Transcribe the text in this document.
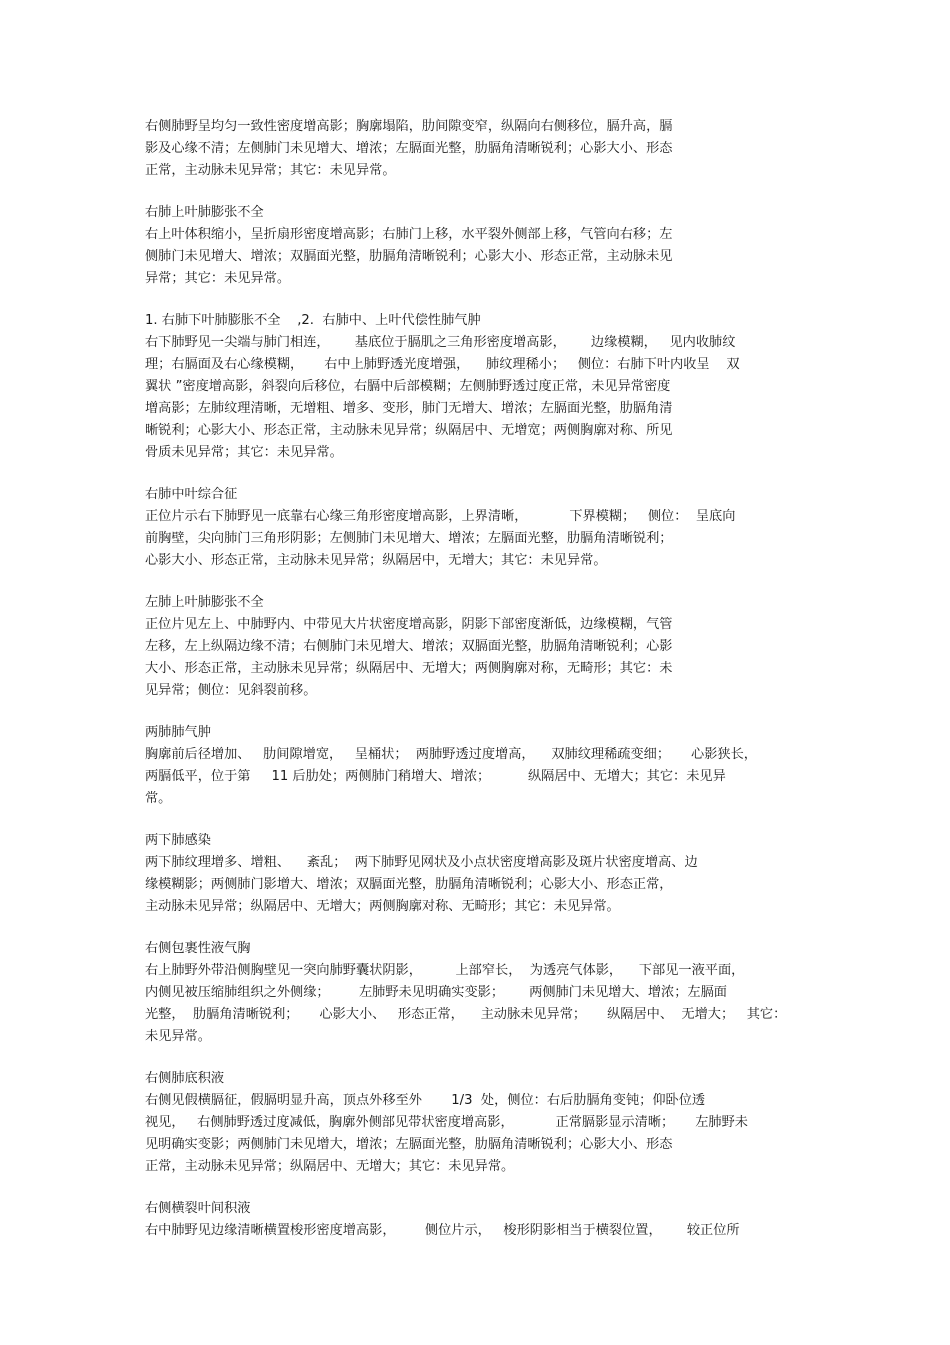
右侧肺野呈均匀一致性密度增高影；胸廓塌陷，肋间隙变窄，纵隔向右侧移位，膈升高，膈
影及心缘不清；左侧肺门未见增大、增浓；左膈面光整，肋膈角清晰锐利；心影大小、形态
正常，主动脉未见异常；其它：未见异常。
右肺上叶肺膨张不全
右上叶体积缩小，呈折扇形密度增高影；右肺门上移，水平裂外侧部上移，气管向右移；左
侧肺门未见增大、增浓；双膈面光整，肋膈角清晰锐利；心影大小、形态正常，主动脉未见
异常；其它：未见异常。
1. 右肺下叶肺膨胀不全    ,2.  右肺中、上叶代偿性肺气肿
右下肺野见一尖端与肺门相连，      基底位于膈肌之三角形密度增高影，      边缘模糊，   见内收肺纹
理；右膈面及右心缘模糊，     右中上肺野透光度增强，    肺纹理稀小；   侧位：右肺下叶内收呈    双
翼状 ”密度增高影，斜裂向后移位，右膈中后部模糊；左侧肺野透过度正常，未见异常密度
增高影；左肺纹理清晰，无增粗、增多、变形，肺门无增大、增浓；左膈面光整，肋膈角清
晰锐利；心影大小、形态正常，主动脉未见异常；纵隔居中、无增宽；两侧胸廓对称、所见
骨质未见异常；其它：未见异常。
右肺中叶综合征
正位片示右下肺野见一底靠右心缘三角形密度增高影，上界清晰，          下界模糊；   侧位：  呈底向
前胸壁，尖向肺门三角形阴影；左侧肺门未见增大、增浓；左膈面光整，肋膈角清晰锐利；
心影大小、形态正常，主动脉未见异常；纵隔居中，无增大；其它：未见异常。
左肺上叶肺膨张不全
正位片见左上、中肺野内、中带见大片状密度增高影，阴影下部密度渐低，边缘模糊，气管
左移，左上纵隔边缘不清；右侧肺门未见增大、增浓；双膈面光整，肋膈角清晰锐利；心影
大小、形态正常，主动脉未见异常；纵隔居中、无增大；两侧胸廓对称，无畸形；其它：未
见异常；侧位：见斜裂前移。
两肺肺气肿
胸廓前后径增加、   肋间隙增宽，   呈桶状；  两肺野透过度增高，    双肺纹理稀疏变细；     心影狭长，
两膈低平，位于第     11 后肋处；两侧肺门稍增大、增浓；         纵隔居中、无增大；其它：未见异
常。
两下肺感染
两下肺纹理增多、增粗、    紊乱；  两下肺野见网状及小点状密度增高影及斑片状密度增高、边
缘模糊影；两侧肺门影增大、增浓；双膈面光整，肋膈角清晰锐利；心影大小、形态正常，
主动脉未见异常；纵隔居中、无增大；两侧胸廓对称、无畸形；其它：未见异常。
右侧包裹性液气胸
右上肺野外带沿侧胸壁见一突向肺野囊状阴影，        上部窄长，  为透亮气体影，    下部见一液平面，
内侧见被压缩肺组织之外侧缘；       左肺野未见明确实变影；      两侧肺门未见增大、增浓；左膈面
光整，  肋膈角清晰锐利；     心影大小、   形态正常，    主动脉未见异常；     纵隔居中、  无增大；   其它：
未见异常。
右侧肺底积液
右侧见假横膈征，假膈明显升高，顶点外移至外       1/3  处，侧位：右后肋膈角变钝；仰卧位透
视见，   右侧肺野透过度减低，胸廓外侧部见带状密度增高影，          正常膈影显示清晰；     左肺野未
见明确实变影；两侧肺门未见增大，增浓；左膈面光整，肋膈角清晰锐利；心影大小、形态
正常，主动脉未见异常；纵隔居中、无增大；其它：未见异常。
右侧横裂叶间积液
右中肺野见边缘清晰横置梭形密度增高影，       侧位片示，   梭形阴影相当于横裂位置，      较正位所
